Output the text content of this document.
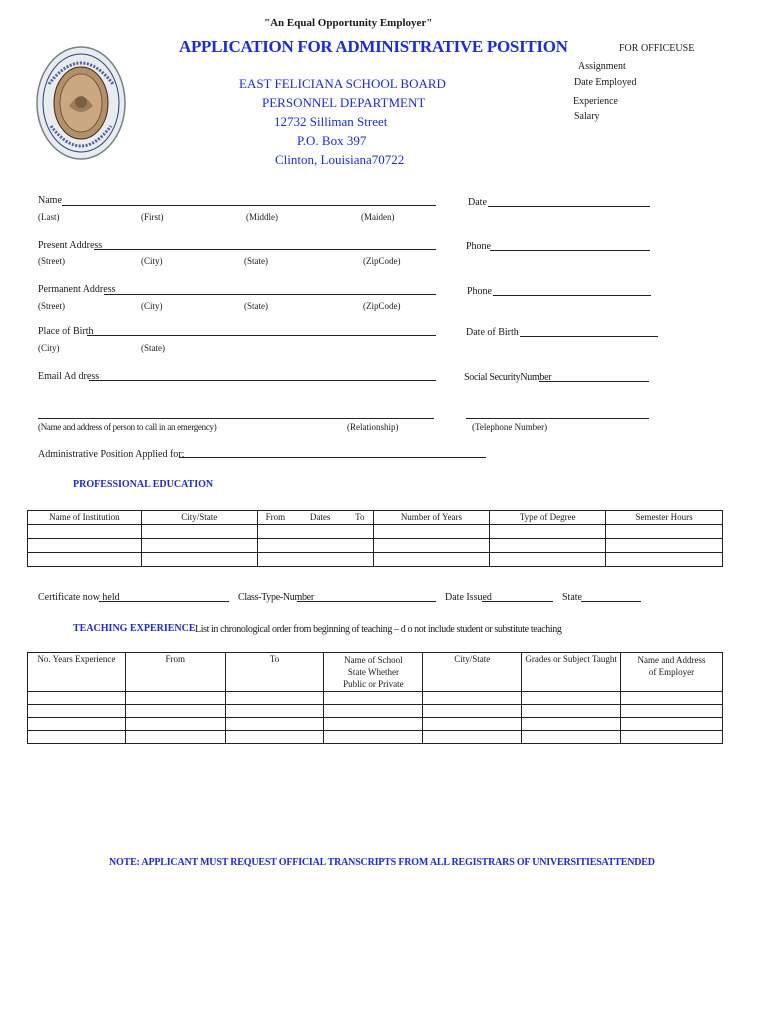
"An Equal Opportunity Employer"
APPLICATION FOR ADMINISTRATIVE POSITION
EAST FELICIANA SCHOOL BOARD
PERSONNEL DEPARTMENT
12732 Silliman Street
P.O. Box 397
Clinton, Louisiana70722
FOR OFFICEUSE
Assignment
Date Employed
Experience
Salary
Name	Date
(Last)	(First)	(Middle)	(Maiden)
Present Address	Phone
(Street)	(City)	(State)	(ZipCode)
Permanent Address	Phone
(Street)	(City)	(State)	(ZipCode)
Place of Birth	Date of Birth _
(City)	(State)
Email Ad dress	Social SecurityNumber
(Name and address of person to call in an emergency)	(Relationship)	(Telephone Number)
Administrative Position Applied for:
PROFESSIONAL EDUCATION
Name of Institution	City/State	From Dates To	Number of Years	Type of Degree	Semester Hours

Certificate now held	Class-Type-Number	Date Issued	State
TEACHING EXPERIENCE List in chronological order from beginning of teaching – d o not include student or substitute teaching
No. Years Experience	From	To	Name of School State Whether Public or Private	City/State	Grades or Subject Taught	Name and Address of Employer

NOTE: APPLICANT MUST REQUEST OFFICIAL TRANSCRIPTS FROM ALL REGISTRARS OF UNIVERSITIESATTENDED
